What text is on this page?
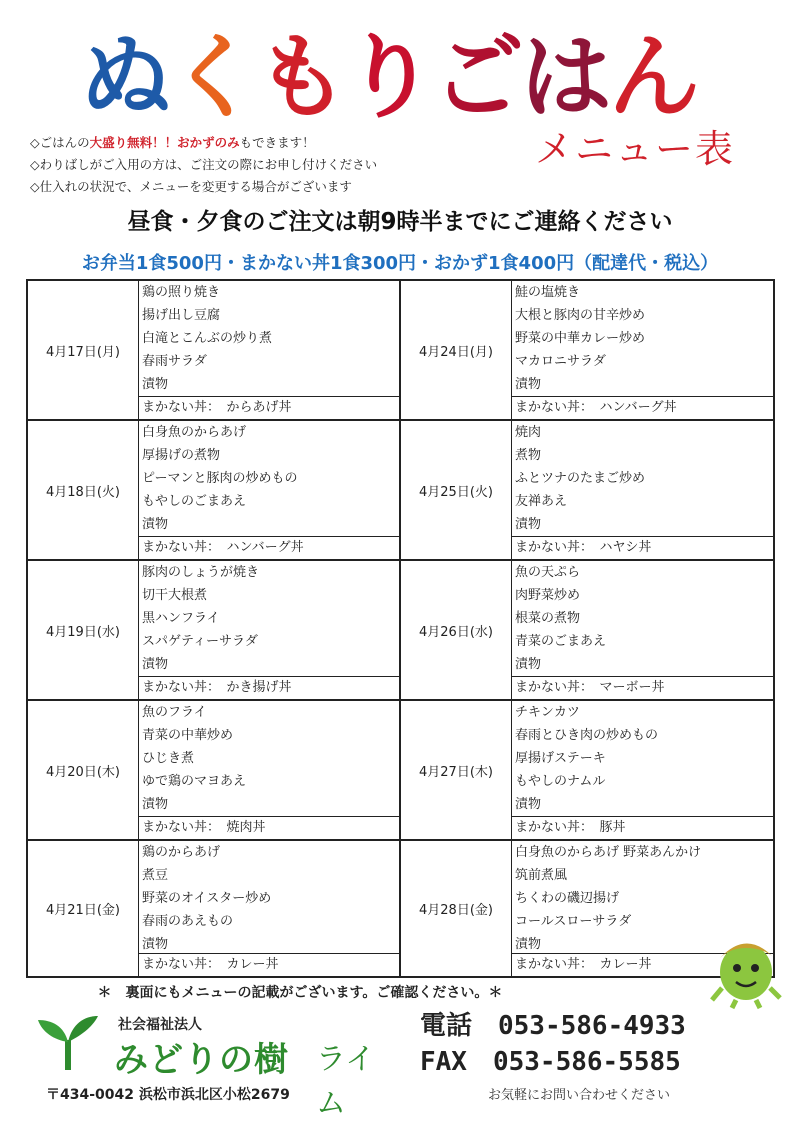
ぬ く も り ご は ん
メニュー表
◇ごはんの大盛り無料！！おかずのみもできます！
◇わりばしがご入用の方は、ご注文の際にお申し付けください
◇仕入れの状況で、メニューを変更する場合がございます
昼食・夕食のご注文は朝9時半までにご連絡ください
お弁当1食500円・まかない丼1食300円・おかず1食400円（配達代・税込）
4月17日(月)
鶏の照り焼き
揚げ出し豆腐
白滝とこんぶの炒り煮
春雨サラダ
漬物
まかない丼：　からあげ丼
4月24日(月)
鮭の塩焼き
大根と豚肉の甘辛炒め
野菜の中華カレー炒め
マカロニサラダ
漬物
まかない丼：　ハンバーグ丼
4月18日(火)
白身魚のからあげ
厚揚げの煮物
ピーマンと豚肉の炒めもの
もやしのごまあえ
漬物
まかない丼：　ハンバーグ丼
4月25日(火)
焼肉
煮物
ふとツナのたまご炒め
友禅あえ
漬物
まかない丼：　ハヤシ丼
4月19日(水)
豚肉のしょうが焼き
切干大根煮
黒ハンフライ
スパゲティーサラダ
漬物
まかない丼：　かき揚げ丼
4月26日(水)
魚の天ぷら
肉野菜炒め
根菜の煮物
青菜のごまあえ
漬物
まかない丼：　マーボー丼
4月20日(木)
魚のフライ
青菜の中華炒め
ひじき煮
ゆで鶏のマヨあえ
漬物
まかない丼：　焼肉丼
4月27日(木)
チキンカツ
春雨とひき肉の炒めもの
厚揚げステーキ
もやしのナムル
漬物
まかない丼：　豚丼
4月21日(金)
鶏のからあげ
煮豆
野菜のオイスター炒め
春雨のあえもの
漬物
まかない丼：　カレー丼
4月28日(金)
白身魚のからあげ 野菜あんかけ
筑前煮風
ちくわの磯辺揚げ
コールスローサラダ
漬物
まかない丼：　カレー丼
＊　裏面にもメニューの記載がございます。ご確認ください。＊
社会福祉法人
みどりの樹 ライム
電話　053-586-4933
FAX　053-586-5585
〒434-0042 浜松市浜北区小松2679	お気軽にお問い合わせください
